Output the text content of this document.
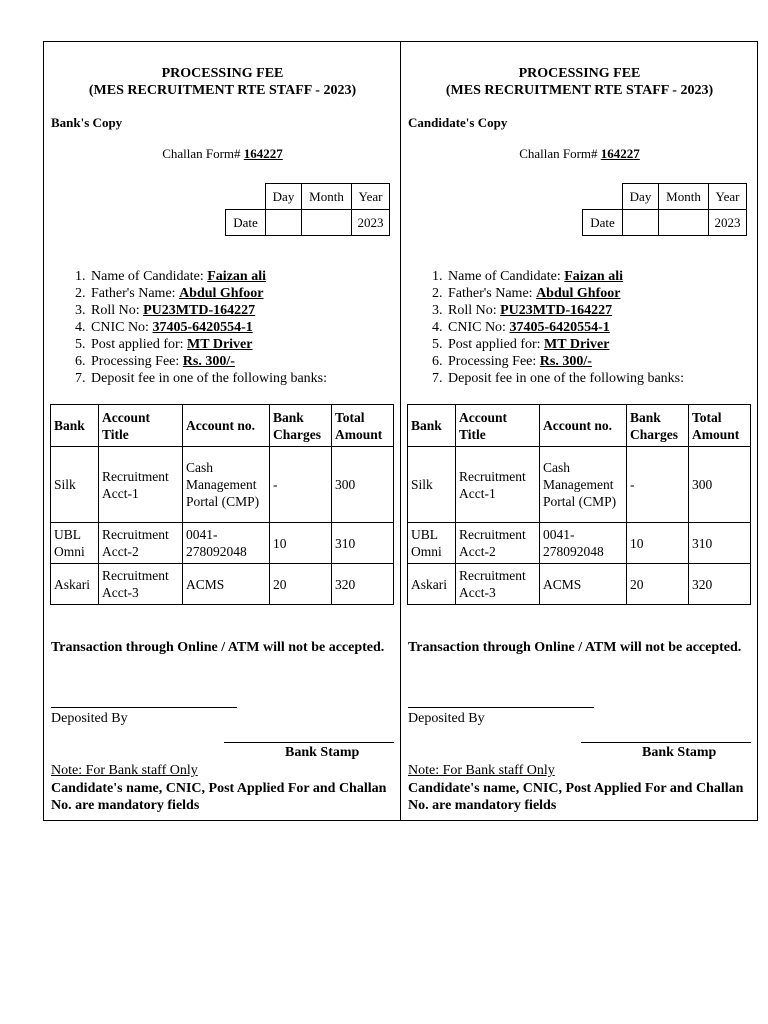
PROCESSING FEE
(MES RECRUITMENT RTE STAFF - 2023)
Bank's Copy
Challan Form# 164227
	Day	Month	Year
Date			2023
1. Name of Candidate: Faizan ali
2. Father's Name: Abdul Ghfoor
3. Roll No: PU23MTD-164227
4. CNIC No: 37405-6420554-1
5. Post applied for: MT Driver
6. Processing Fee: Rs. 300/-
7. Deposit fee in one of the following banks:
Bank	Account Title	Account no.	Bank Charges	Total Amount
Silk	Recruitment Acct-1	Cash Management Portal (CMP)	-	300
UBL Omni	Recruitment Acct-2	0041-278092048	10	310
Askari	Recruitment Acct-3	ACMS	20	320
Transaction through Online / ATM will not be accepted.
Deposited By
Bank Stamp
Note: For Bank staff Only
Candidate's name, CNIC, Post Applied For and Challan No. are mandatory fields
PROCESSING FEE
(MES RECRUITMENT RTE STAFF - 2023)
Candidate's Copy
Challan Form# 164227
	Day	Month	Year
Date			2023
1. Name of Candidate: Faizan ali
2. Father's Name: Abdul Ghfoor
3. Roll No: PU23MTD-164227
4. CNIC No: 37405-6420554-1
5. Post applied for: MT Driver
6. Processing Fee: Rs. 300/-
7. Deposit fee in one of the following banks:
Bank	Account Title	Account no.	Bank Charges	Total Amount
Silk	Recruitment Acct-1	Cash Management Portal (CMP)	-	300
UBL Omni	Recruitment Acct-2	0041-278092048	10	310
Askari	Recruitment Acct-3	ACMS	20	320
Transaction through Online / ATM will not be accepted.
Deposited By
Bank Stamp
Note: For Bank staff Only
Candidate's name, CNIC, Post Applied For and Challan No. are mandatory fields
